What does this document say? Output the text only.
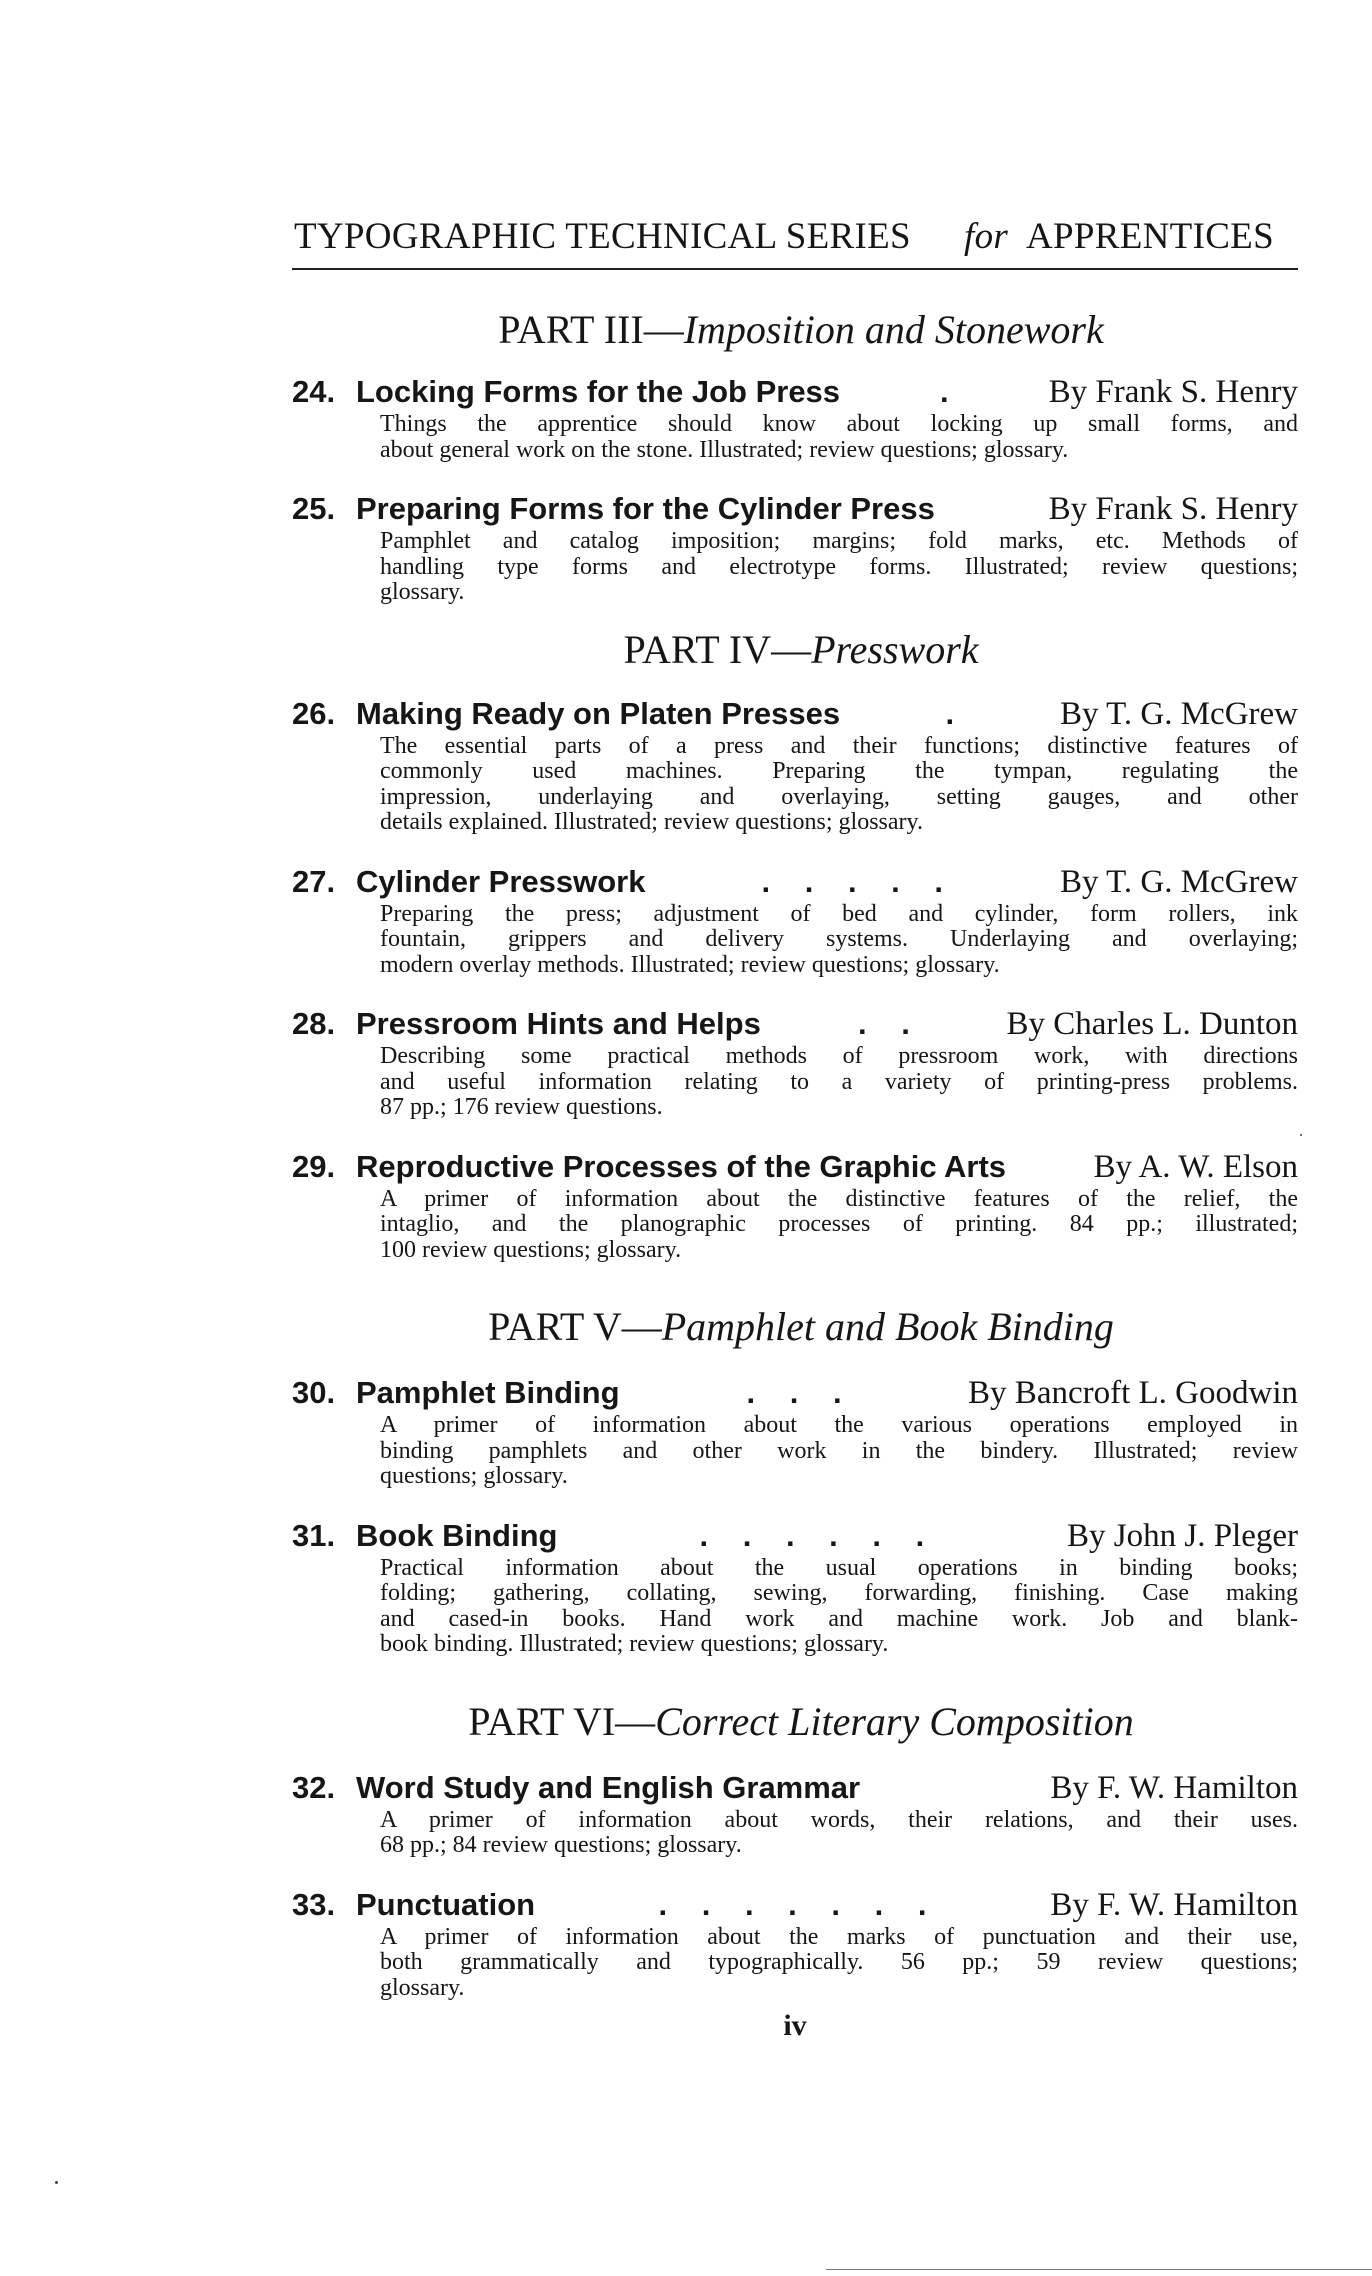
TYPOGRAPHIC TECHNICAL SERIES for APPRENTICES
PART III—Imposition and Stonework
24. Locking Forms for the Job Press	.	By Frank S. Henry
Things the apprentice should know about locking up small forms, and
about general work on the stone. Illustrated; review questions; glossary.
25. Preparing Forms for the Cylinder Press	By Frank S. Henry
Pamphlet and catalog imposition; margins; fold marks, etc. Methods of
handling type forms and electrotype forms. Illustrated; review questions;
glossary.
PART IV—Presswork
26. Making Ready on Platen Presses	.	By T. G. McGrew
The essential parts of a press and their functions; distinctive features of
commonly used machines. Preparing the tympan, regulating the
impression, underlaying and overlaying, setting gauges, and other
details explained. Illustrated; review questions; glossary.
27. Cylinder Presswork	. . . . .	By T. G. McGrew
Preparing the press; adjustment of bed and cylinder, form rollers, ink
fountain, grippers and delivery systems. Underlaying and overlaying;
modern overlay methods. Illustrated; review questions; glossary.
28. Pressroom Hints and Helps	. .	By Charles L. Dunton
Describing some practical methods of pressroom work, with directions
and useful information relating to a variety of printing-press problems.
87 pp.; 176 review questions.
29. Reproductive Processes of the Graphic Arts	By A. W. Elson
A primer of information about the distinctive features of the relief, the
intaglio, and the planographic processes of printing. 84 pp.; illustrated;
100 review questions; glossary.
PART V—Pamphlet and Book Binding
30. Pamphlet Binding	. . .	By Bancroft L. Goodwin
A primer of information about the various operations employed in
binding pamphlets and other work in the bindery. Illustrated; review
questions; glossary.
31. Book Binding	. . . . . .	By John J. Pleger
Practical information about the usual operations in binding books;
folding; gathering, collating, sewing, forwarding, finishing. Case making
and cased-in books. Hand work and machine work. Job and blank-
book binding. Illustrated; review questions; glossary.
PART VI—Correct Literary Composition
32. Word Study and English Grammar	By F. W. Hamilton
A primer of information about words, their relations, and their uses.
68 pp.; 84 review questions; glossary.
33. Punctuation	. . . . . . .	By F. W. Hamilton
A primer of information about the marks of punctuation and their use,
both grammatically and typographically. 56 pp.; 59 review questions;
glossary.
iv
